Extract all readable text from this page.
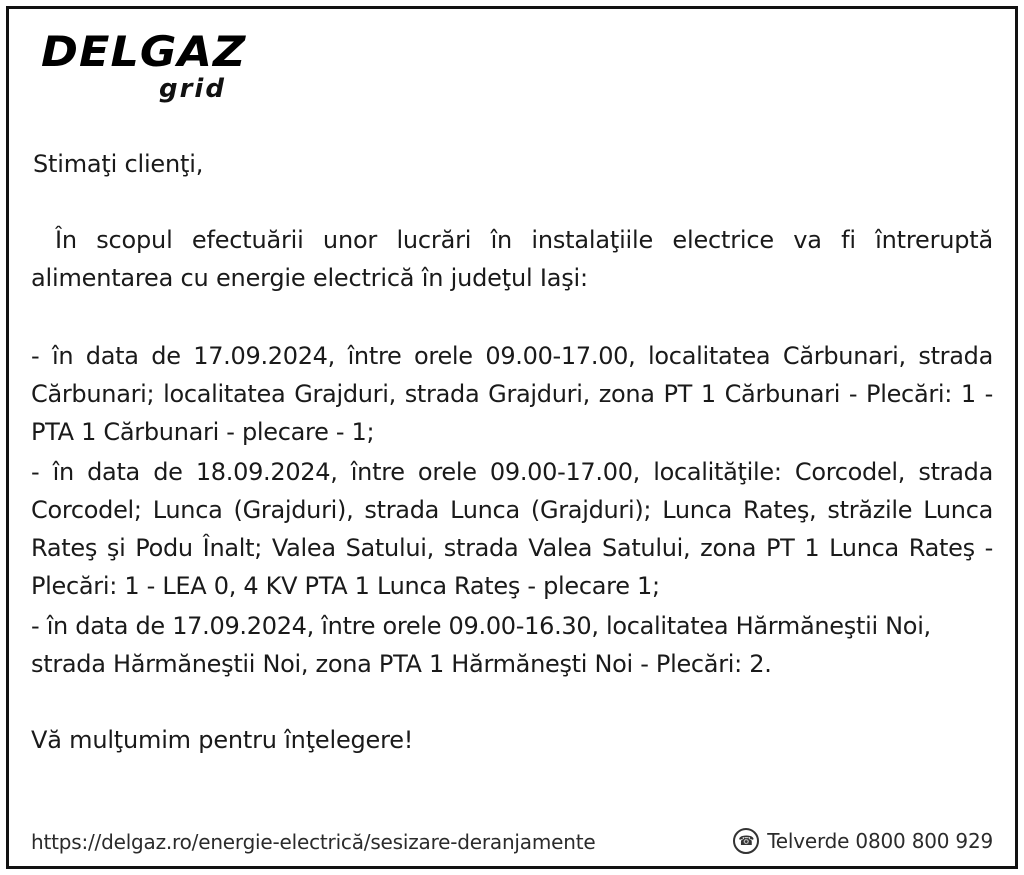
DELGAZ
grid
Stimaţi clienţi,
În scopul efectuării unor lucrări în instalaţiile electrice va fi întreruptă alimentarea cu energie electrică în judeţul Iaşi:
- în data de 17.09.2024, între orele 09.00-17.00, localitatea Cărbunari, strada Cărbunari; localitatea Grajduri, strada Grajduri, zona PT 1 Cărbunari - Plecări: 1 - PTA 1 Cărbunari - plecare - 1;
- în data de 18.09.2024, între orele 09.00-17.00, localităţile: Corcodel, strada Corcodel; Lunca (Grajduri), strada Lunca (Grajduri); Lunca Rateş, străzile Lunca Rateş şi Podu Înalt; Valea Satului, strada Valea Satului, zona PT 1 Lunca Rateş - Plecări: 1 - LEA 0, 4 KV PTA 1 Lunca Rateş - plecare 1;
- în data de 17.09.2024, între orele 09.00-16.30, localitatea Hărmăneştii Noi, strada Hărmăneştii Noi, zona PTA 1 Hărmăneşti Noi - Plecări: 2.
Vă mulţumim pentru înţelegere!
https://delgaz.ro/energie-electrică/sesizare-deranjamente	☎ Telverde 0800 800 929
